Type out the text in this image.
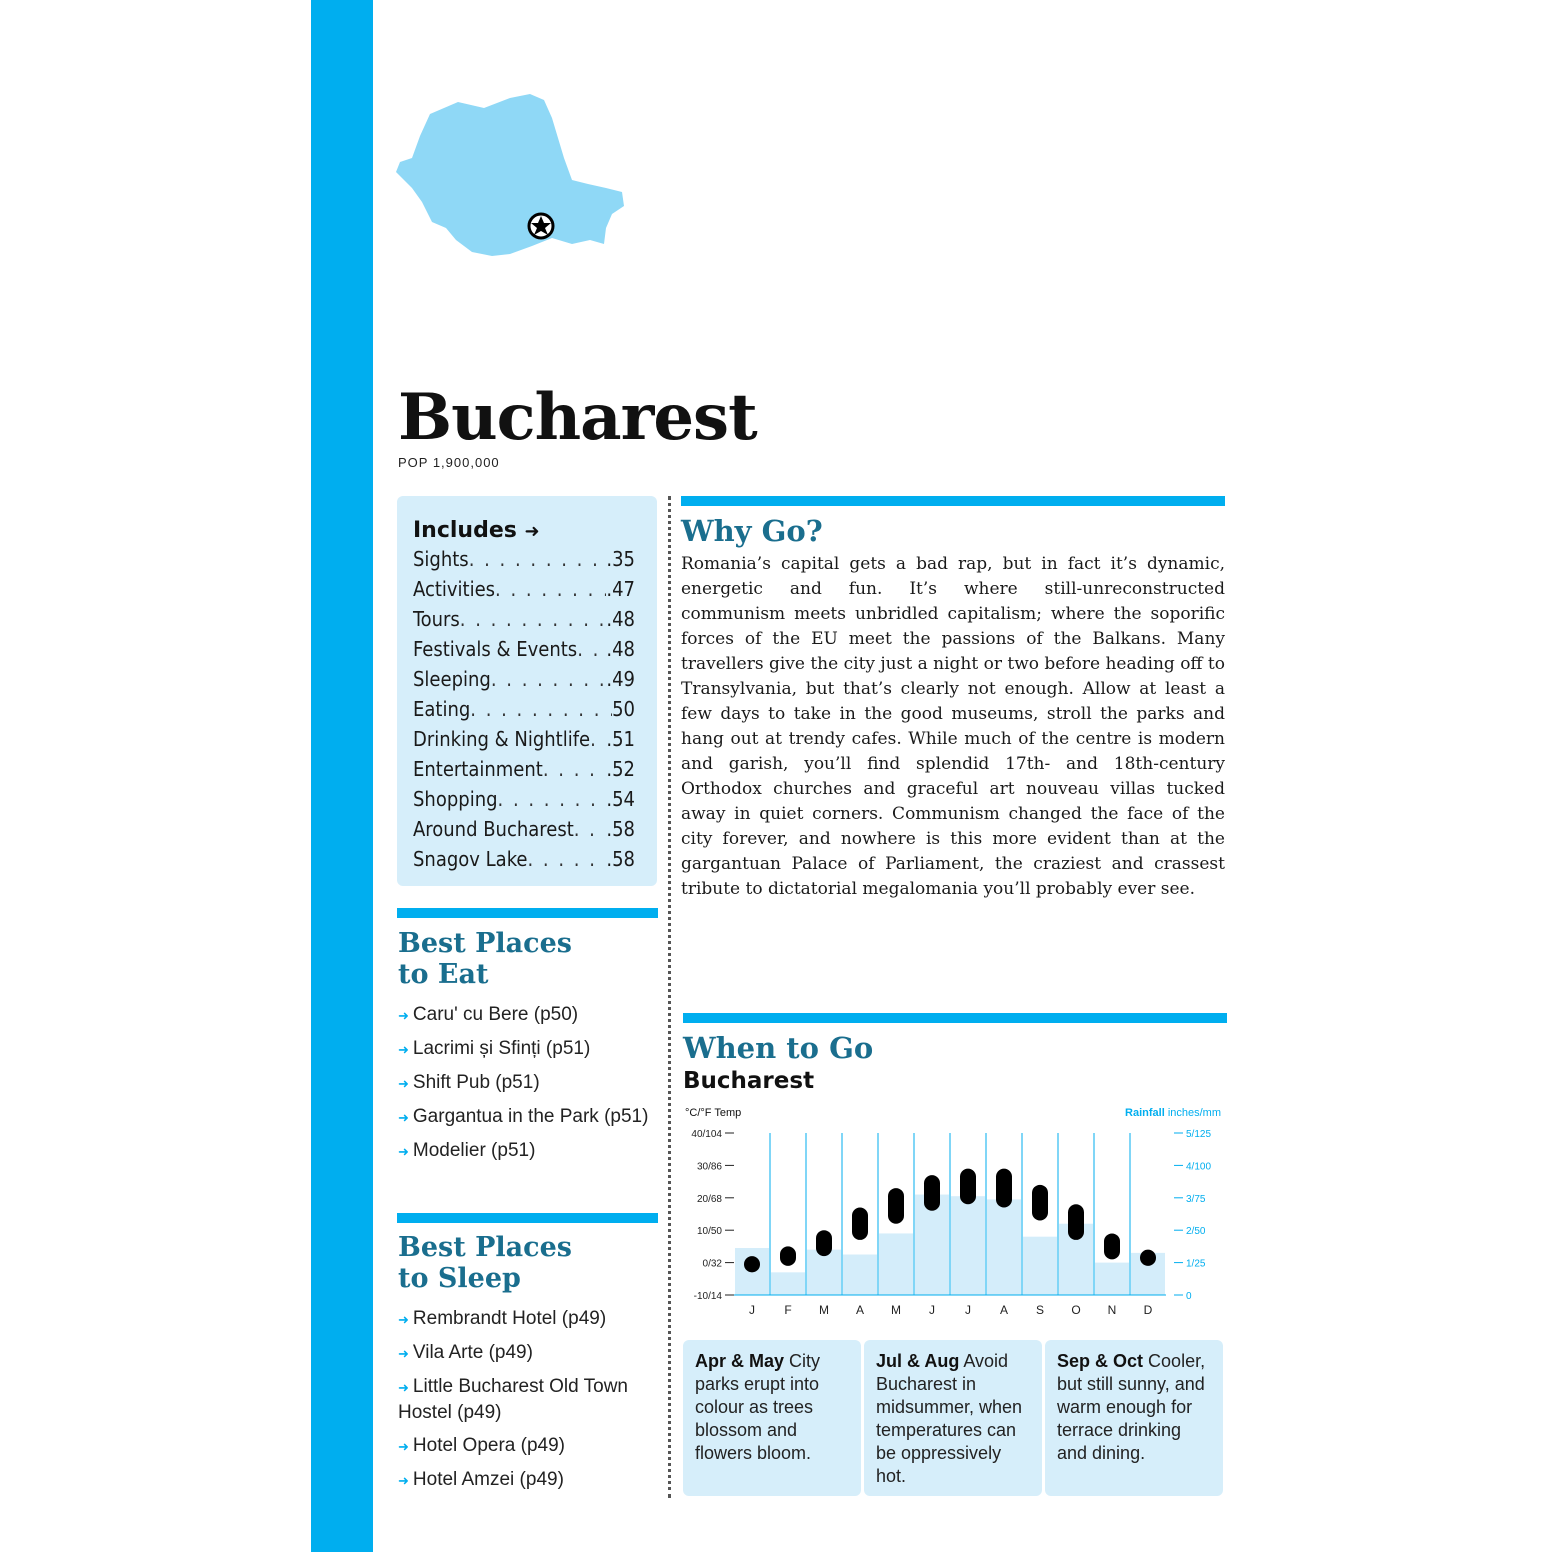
Bucharest
POP 1,900,000
Includes ➜
Sights . . .	.35
Activities . . .	.47
Tours . . .	.48
Festivals & Events . . . .48
Sleeping . . .	.49
Eating . . .	50
Drinking & Nightlife . . . .51
Entertainment . . .	.52
Shopping . . .	.54
Around Bucharest . . . .58
Snagov Lake . . .	.58
Best Places
to Eat
➜ Caru' cu Bere (p50)
➜ Lacrimi și Sfinți (p51)
➜ Shift Pub (p51)
➜ Gargantua in the Park (p51)
➜ Modelier (p51)
Best Places
to Sleep
➜ Rembrandt Hotel (p49)
➜ Vila Arte (p49)
➜ Little Bucharest Old Town Hostel (p49)
➜ Hotel Opera (p49)
➜ Hotel Amzei (p49)
Why Go?

Romania’s capital gets a bad rap, but in fact it’s dynamic, energetic and fun. It’s where still-unreconstructed communism meets unbridled capitalism; where the soporific forces of the EU meet the passions of the Balkans. Many travellers give the city just a night or two before heading off to Transylvania, but that’s clearly not enough. Allow at least a few days to take in the good museums, stroll the parks and hang out at trendy cafes. While much of the centre is modern and garish, you’ll find splendid 17th- and 18th-century Orthodox churches and graceful art nouveau villas tucked away in quiet corners. Communism changed the face of the city forever, and nowhere is this more evident than at the gargantuan Palace of Parliament, the craziest and crassest tribute to dictatorial megalomania you’ll probably ever see.

When to Go
Bucharest
°C/°F Temp	Rainfall inches/mm
40/104
30/86
20/68
10/50
0/32
-10/14
5/125
4/100
3/75
2/50
1/25
0
J F M A M J	J A S O N D

Apr & May City parks erupt into colour as trees blossom and flowers bloom.

Jul & Aug Avoid Bucharest in midsummer, when temperatures can be oppressively hot.

Sep & Oct Cooler, but still sunny, and warm enough for terrace drinking and dining.
